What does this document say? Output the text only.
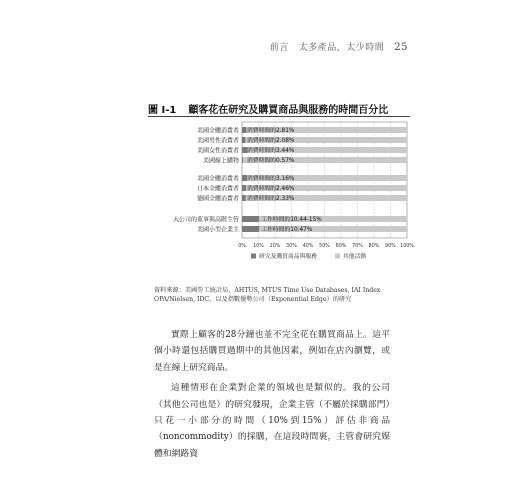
前言 太多產品，太少時間 25
圖 I-1 顧客花在研究及購買商品與服務的時間百分比
美國全體消費者 消費時間的2.81%
美國男性消費者 消費時間的2.08%
美國女性消費者 消費時間的3.44%
美國線上購物 消費時間的0.57%
美國全體消費者 消費時間的3.16%
日本全體消費者 消費時間的2.46%
德國全體消費者 消費時間的2.33%
大公司的董事與高階主管	工作時間的10.44-15%
美國小型企業主	工作時間的10.47%
0% 10% 20% 30% 40% 50% 60% 70% 80% 90% 100%
研究及購買商品與服務	其他活動
資料來源：美國勞工統計局，AHTUS, MTUS Time Use Databases, IAI Index OPA/Nielsen, IDC，以及指數優勢公司（Exponential Edge）的研究

實際上顧客的28分鐘也並不完全花在購買商品上。這平個小時還包括購買過期中的其他因素，例如在店內瀏覽，或是在線上研究商品。

這種情形在企業對企業的領域也是類似的。我的公司（其他公司也是）的研究發現，企業主管（不屬於採購部門）只花一小部分的時間（10%到15%）評估非商品（noncommodity）的採購，在這段時間裏，主管會研究媒體和網路資
